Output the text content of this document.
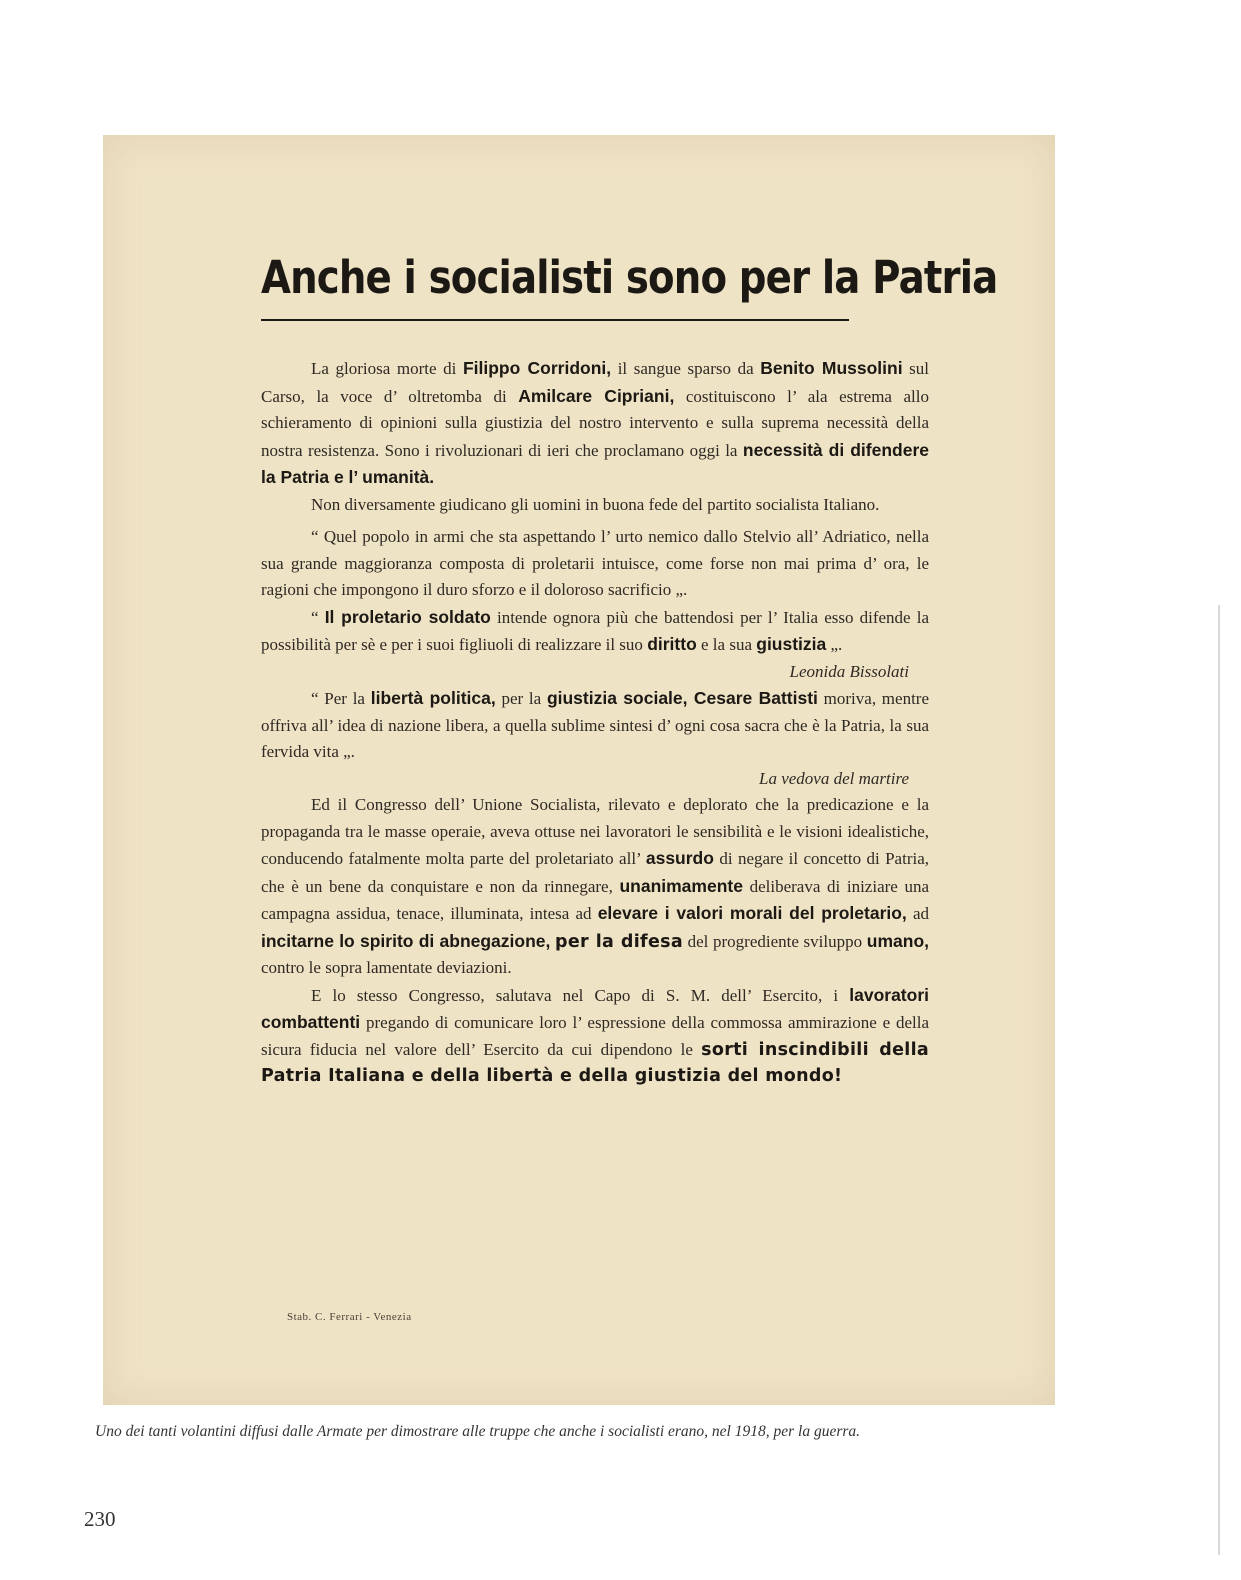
Anche i socialisti sono per la Patria

La gloriosa morte di Filippo Corridoni, il sangue sparso da Benito Mussolini sul Carso, la voce d’ oltretomba di Amilcare Cipriani, costituiscono l’ ala estrema allo schieramento di opinioni sulla giustizia del nostro intervento e sulla suprema necessità della nostra resistenza. Sono i rivoluzionari di ieri che proclamano oggi la necessità di difendere la Patria e l’ umanità.

Non diversamente giudicano gli uomini in buona fede del partito socialista Italiano.

“ Quel popolo in armi che sta aspettando l’ urto nemico dallo Stelvio all’ Adriatico, nella sua grande maggioranza composta di proletarii intuisce, come forse non mai prima d’ ora, le ragioni che impongono il duro sforzo e il doloroso sacrificio „.

“ Il proletario soldato intende ognora più che battendosi per l’ Italia esso difende la possibilità per sè e per i suoi figliuoli di realizzare il suo diritto e la sua giustizia „.

Leonida Bissolati

“ Per la libertà politica, per la giustizia sociale, Cesare Battisti moriva, mentre offriva all’ idea di nazione libera, a quella sublime sintesi d’ ogni cosa sacra che è la Patria, la sua fervida vita „.

La vedova del martire

Ed il Congresso dell’ Unione Socialista, rilevato e deplorato che la predicazione e la propaganda tra le masse operaie, aveva ottuse nei lavoratori le sensibilità e le visioni idealistiche, conducendo fatalmente molta parte del proletariato all’ assurdo di negare il concetto di Patria, che è un bene da conquistare e non da rinnegare, unanimamente deliberava di iniziare una campagna assidua, tenace, illuminata, intesa ad elevare i valori morali del proletario, ad incitarne lo spirito di abnegazione, per la difesa del progrediente sviluppo umano, contro le sopra lamentate deviazioni.

E lo stesso Congresso, salutava nel Capo di S. M. dell’ Esercito, i lavoratori combattenti pregando di comunicare loro l’ espressione della commossa ammirazione e della sicura fiducia nel valore dell’ Esercito da cui dipendono le sorti inscindibili della Patria Italiana e della libertà e della giustizia del mondo!

Stab. C. Ferrari - Venezia
Uno dei tanti volantini diffusi dalle Armate per dimostrare alle truppe che anche i socialisti erano, nel 1918, per la guerra.
230
